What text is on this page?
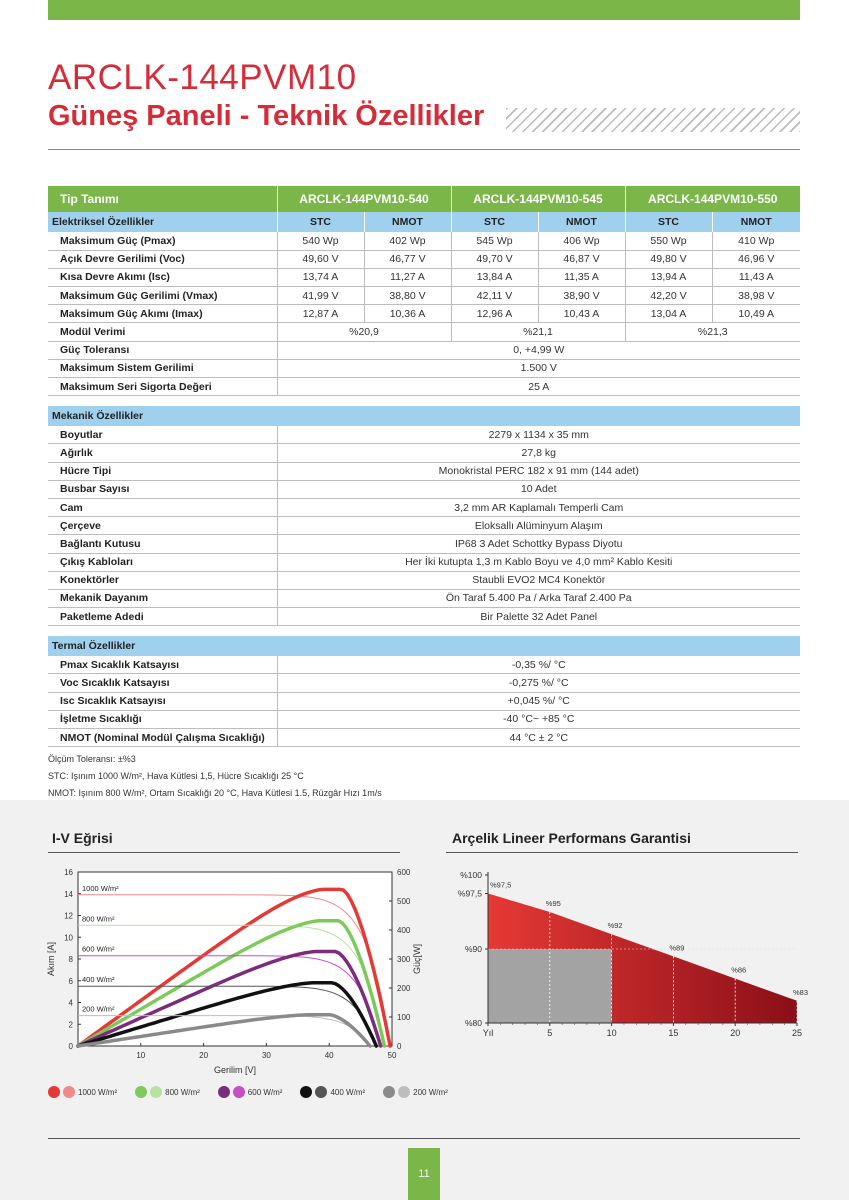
ARCLK-144PVM10
Güneş Paneli - Teknik Özellikler
Tip Tanımı	ARCLK-144PVM10-540		ARCLK-144PVM10-545		ARCLK-144PVM10-550	
Elektriksel Özellikler	STC	NMOT	STC	NMOT	STC	NMOT
Maksimum Güç (Pmax)	540 Wp	402 Wp	545 Wp	406 Wp	550 Wp	410 Wp
Açık Devre Gerilimi (Voc)	49,60 V	46,77 V	49,70 V	46,87 V	49,80 V	46,96 V
Kısa Devre Akımı (Isc)	13,74 A	11,27 A	13,84 A	11,35 A	13,94 A	11,43 A
Maksimum Güç Gerilimi (Vmax)	41,99 V	38,80 V	42,11 V	38,90 V	42,20 V	38,98 V
Maksimum Güç Akımı (Imax)	12,87 A	10,36 A	12,96 A	10,43 A	13,04 A	10,49 A
Modül Verimi	%20,9		%21,1		%21,3	
Güç Toleransı	0, +4,99 W					
Maksimum Sistem Gerilimi	1.500 V					
Maksimum Seri Sigorta Değeri	25 A					

Mekanik Özellikler						
Boyutlar	2279 x 1134 x 35 mm					
Ağırlık	27,8 kg					
Hücre Tipi	Monokristal PERC 182 x 91 mm (144 adet)					
Busbar Sayısı	10 Adet					
Cam	3,2 mm AR Kaplamalı Temperli Cam					
Çerçeve	Eloksallı Alüminyum Alaşım					
Bağlantı Kutusu	IP68 3 Adet Schottky Bypass Diyotu					
Çıkış Kabloları	Her İki kutupta 1,3 m Kablo Boyu ve 4,0 mm² Kablo Kesiti					
Konektörler	Staubli EVO2 MC4 Konektör					
Mekanik Dayanım	Ön Taraf 5.400 Pa / Arka Taraf 2.400 Pa					
Paketleme Adedi	Bir Palette 32 Adet Panel					

Termal Özellikler						
Pmax Sıcaklık Katsayısı	-0,35 %/ °C					
Voc Sıcaklık Katsayısı	-0,275 %/ °C					
Isc Sıcaklık Katsayısı	+0,045 %/ °C					
İşletme Sıcaklığı	-40 °C~ +85 °C					
NMOT (Nominal Modül Çalışma Sıcaklığı)	44 °C ± 2 °C					
Ölçüm Toleransı: ±%3
STC: Işınım 1000 W/m², Hava Kütlesi 1,5, Hücre Sıcaklığı 25 °C
NMOT: Işınım 800 W/m², Ortam Sıcaklığı 20 °C, Hava Kütlesi 1.5, Rüzgâr Hızı 1m/s
I-V Eğrisi	Arçelik Lineer Performans Garantisi
0
2
4
6
8
10
12
14
16
0
100
200
300
400
500
600
10	20	30	40	50
Gerilim [V]
Akım [A]	Güç[W]
1000 W/m²
800 W/m²
600 W/m²
400 W/m²
200 W/m²
%100
%97,5
%90
%80
Yıl	5	10	15	20	25
%97,5
%95
%92
%89
%86
%83
1000 W/m²	800 W/m²	600 W/m²	400 W/m²	200 W/m²
11
